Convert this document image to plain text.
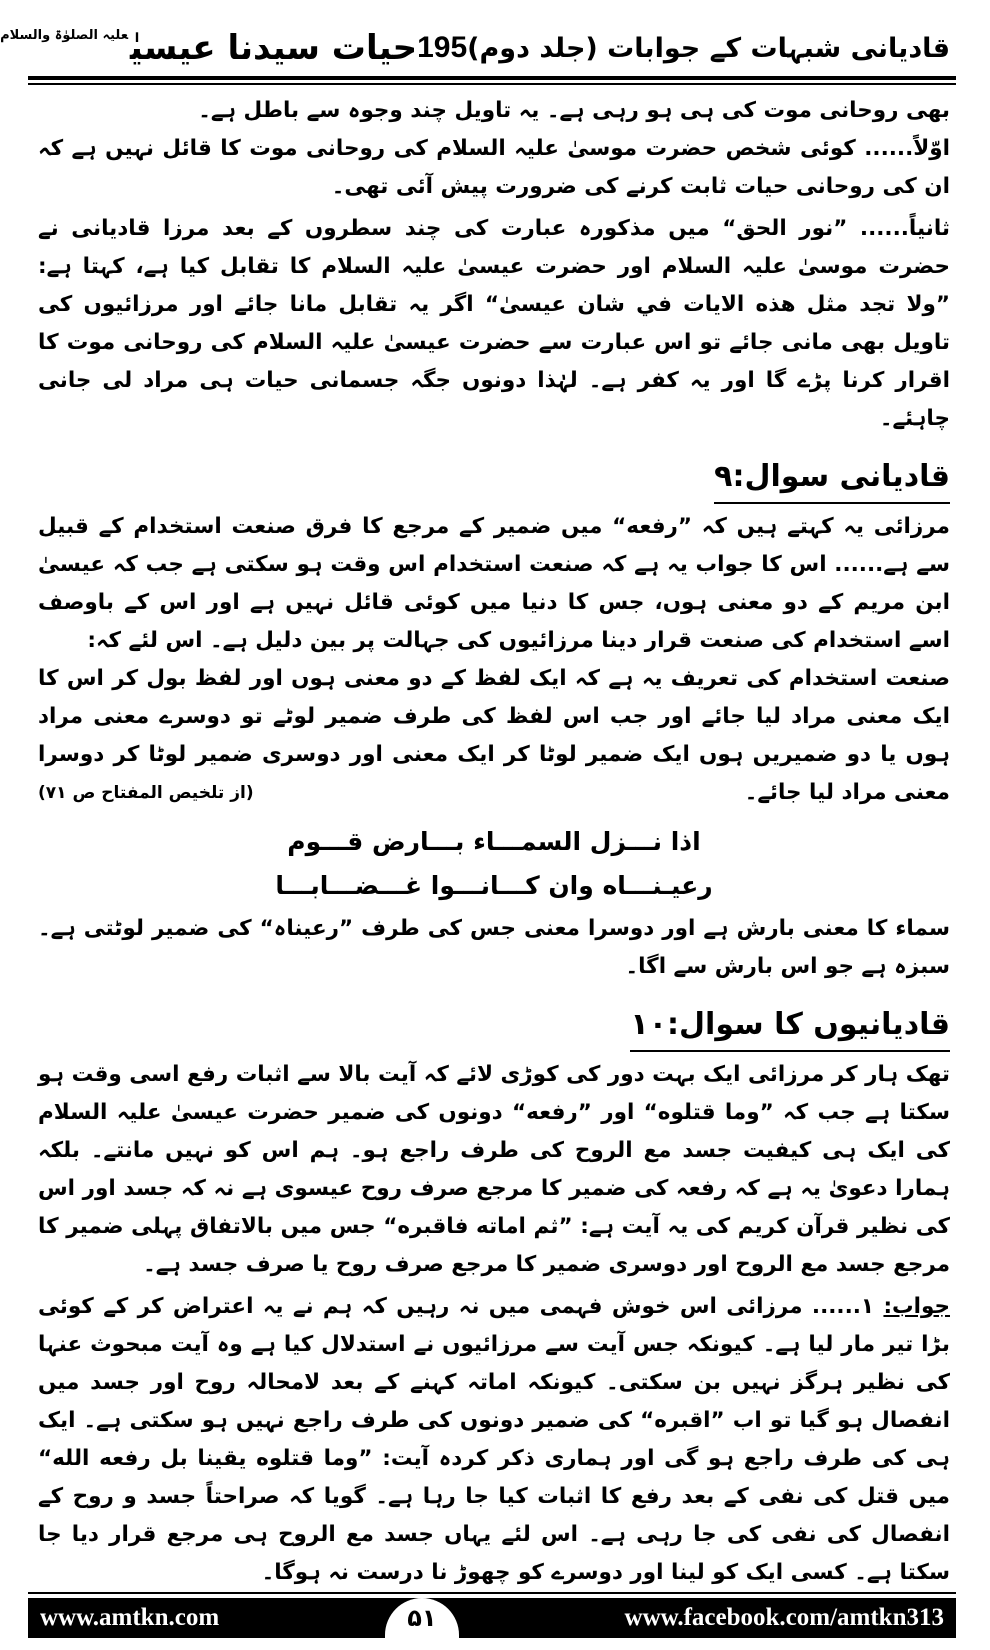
قادیانی شبہات کے جوابات (جلد دوم)
195
حیات سیدنا عیسیٰ$^{علیہ الصلوٰۃ والسلام}$

بھی روحانی موت کی ہی ہو رہی ہے۔ یہ تاویل چند وجوہ سے باطل ہے۔

اوّلاً...... کوئی شخص حضرت موسیٰ علیہ السلام کی روحانی موت کا قائل نہیں ہے کہ ان کی روحانی حیات ثابت کرنے کی ضرورت پیش آئی تھی۔

ثانیاً...... ”نور الحق“ میں مذکورہ عبارت کی چند سطروں کے بعد مرزا قادیانی نے حضرت موسیٰ علیہ السلام اور حضرت عیسیٰ علیہ السلام کا تقابل کیا ہے، کہتا ہے: ”ولا تجد مثل هذه الايات في شان عيسیٰ“ اگر یہ تقابل مانا جائے اور مرزائیوں کی تاویل بھی مانی جائے تو اس عبارت سے حضرت عیسیٰ علیہ السلام کی روحانی موت کا اقرار کرنا پڑے گا اور یہ کفر ہے۔ لہٰذا دونوں جگہ جسمانی حیات ہی مراد لی جانی چاہئے۔

قادیانی سوال:۹

مرزائی یہ کہتے ہیں کہ ”رفعه“ میں ضمیر کے مرجع کا فرق صنعت استخدام کے قبیل سے ہے...... اس کا جواب یہ ہے کہ صنعت استخدام اس وقت ہو سکتی ہے جب کہ عیسیٰ ابن مریم کے دو معنی ہوں، جس کا دنیا میں کوئی قائل نہیں ہے اور اس کے باوصف اسے استخدام کی صنعت قرار دینا مرزائیوں کی جہالت پر بین دلیل ہے۔ اس لئے کہ:

صنعت استخدام کی تعریف یہ ہے کہ ایک لفظ کے دو معنی ہوں اور لفظ بول کر اس کا ایک معنی مراد لیا جائے اور جب اس لفظ کی طرف ضمیر لوٹے تو دوسرے معنی مراد ہوں یا دو ضمیریں ہوں ایک ضمیر لوٹا کر ایک معنی اور دوسری ضمیر لوٹا کر دوسرا معنی مراد لیا جائے۔
(از تلخیص المفتاح ص ۷۱)

اذا نـــزل السمـــاء بـــارض قـــوم
رعيـنـــاه وان كـــانـــوا غـــضـــابـــا

سماء کا معنی بارش ہے اور دوسرا معنی جس کی طرف ”رعیناہ“ کی ضمیر لوٹتی ہے۔ سبزہ ہے جو اس بارش سے اگا۔

قادیانیوں کا سوال:۱۰

تھک ہار کر مرزائی ایک بہت دور کی کوڑی لائے کہ آیت بالا سے اثبات رفع اسی وقت ہو سکتا ہے جب کہ ”وما قتلوه“ اور ”رفعه“ دونوں کی ضمیر حضرت عیسیٰ علیہ السلام کی ایک ہی کیفیت جسد مع الروح کی طرف راجع ہو۔ ہم اس کو نہیں مانتے۔ بلکہ ہمارا دعویٰ یہ ہے کہ رفعہ کی ضمیر کا مرجع صرف روح عیسوی ہے نہ کہ جسد اور اس کی نظیر قرآن کریم کی یہ آیت ہے: ”ثم اماته فاقبره“ جس میں بالاتفاق پہلی ضمیر کا مرجع جسد مع الروح اور دوسری ضمیر کا مرجع صرف روح یا صرف جسد ہے۔

جواب: ۱...... مرزائی اس خوش فہمی میں نہ رہیں کہ ہم نے یہ اعتراض کر کے کوئی بڑا تیر مار لیا ہے۔ کیونکہ جس آیت سے مرزائیوں نے استدلال کیا ہے وہ آیت مبحوث عنہا کی نظیر ہرگز نہیں بن سکتی۔ کیونکہ اماتہ کہنے کے بعد لامحالہ روح اور جسد میں انفصال ہو گیا تو اب ”اقبره“ کی ضمیر دونوں کی طرف راجع نہیں ہو سکتی ہے۔ ایک ہی کی طرف راجع ہو گی اور ہماری ذکر کردہ آیت: ”وما قتلوه يقينا بل رفعه الله“ میں قتل کی نفی کے بعد رفع کا اثبات کیا جا رہا ہے۔ گویا کہ صراحتاً جسد و روح کے انفصال کی نفی کی جا رہی ہے۔ اس لئے یہاں جسد مع الروح ہی مرجع قرار دیا جا سکتا ہے۔ کسی ایک کو لینا اور دوسرے کو چھوڑ نا درست نہ ہوگا۔

www.amtkn.com	۵۱	www.facebook.com/amtkn313
